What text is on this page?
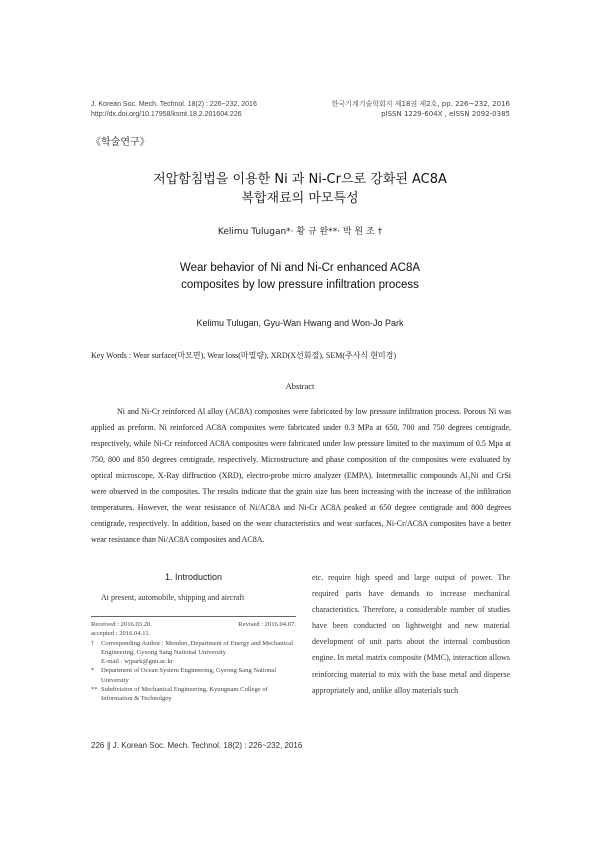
J. Korean Soc. Mech. Technol. 18(2) : 226~232, 2016
http://dx.doi.org/10.17958/ksmt.18.2.201604.226
한국기계기술학회지 제18권 제2호, pp. 226~232, 2016
pISSN 1229-604X , eISSN 2092-0385
《학술연구》
저압함침법을 이용한 Ni 과 Ni-Cr으로 강화된 AC8A
복합재료의 마모특성
Kelimu Tulugan*· 황 규 완**· 박 원 조 †
Wear behavior of Ni and Ni-Cr enhanced AC8A
composites by low pressure infiltration process
Kelimu Tulugan, Gyu-Wan Hwang and Won-Jo Park
Key Words : Wear surface(마모면), Wear loss(마멸량), XRD(X선회절), SEM(주사식 현미경)
Abstract
Ni and Ni-Cr reinforced Al alloy (AC8A) composites were fabricated by low pressure infiltration process. Porous Ni was applied as preform. Ni reinforced AC8A composites were fabricated under 0.3 MPa at 650, 700 and 750 degrees centigrade, respectively, while Ni-Cr reinforced AC8A composites were fabricated under low pressure limited to the maximum of 0.5 Mpa at 750, 800 and 850 degrees centigrade, respectively. Microstructure and phase composition of the composites were evaluated by optical microscope, X-Ray diffraction (XRD), electro-probe micro analyzer (EMPA). Intermetallic compounds Al₃Ni and CrSi were observed in the composites. The results indicate that the grain size has been increasing with the increase of the infiltration temperatures. However, the wear resistance of Ni/AC8A and Ni-Cr AC8A peaked at 650 degree centigrade and 800 degrees centigrade, respectively. In addition, based on the wear characteristics and wear surfaces, Ni-Cr/AC8A composites have a better wear resistance than Ni/AC8A composites and AC8A.
1. Introduction
At present, automobile, shipping and aircraft
Received : 2016.03.20.	Revised : 2016.04.07.
accepted : 2016.04.11.
†	Corresponding Author : Member, Department of Energy and Mechanical Engineering, Gyeong Sang National University
E-mail : wjpark@gnu.ac.kr
*	Department of Ocean System Engineering, Gyeong Sang National University
** Subdivision of Mechanical Engineering, Kyungnam College of Information & Technolgoy
etc. require high speed and large output of power. The required parts have demands to increase mechanical characteristics. Therefore, a considerable number of studies have been conducted on lightweight and new material development of unit parts about the internal combustion engine. In metal matrix composite (MMC), interaction allows reinforcing material to mix with the base metal and disperse appropriately and, unlike alloy materials such
226 ∥ J. Korean Soc. Mech. Technol. 18(2) : 226~232, 2016
